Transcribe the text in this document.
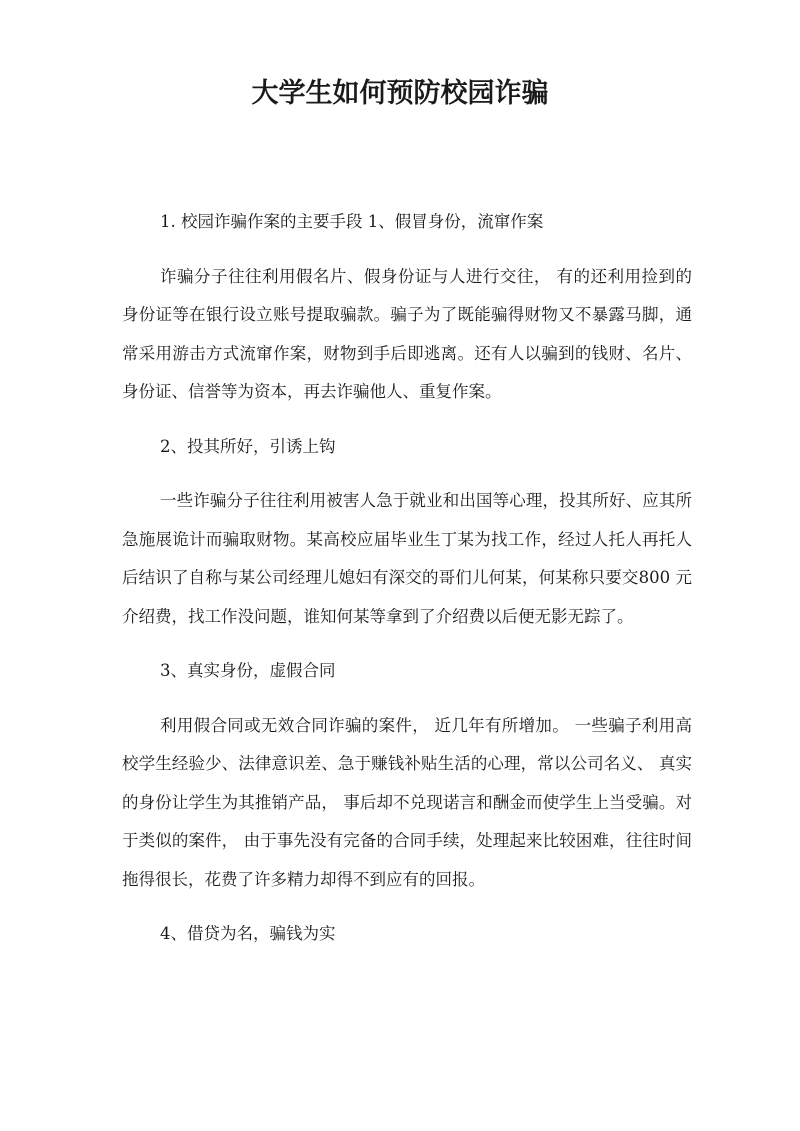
大学生如何预防校园诈骗

1. 校园诈骗作案的主要手段 1、假冒身份，流窜作案

诈骗分子往往利用假名片、假身份证与人进行交往， 有的还利用捡到的身份证等在银行设立账号提取骗款。骗子为了既能骗得财物又不暴露马脚，通常采用游击方式流窜作案，财物到手后即逃离。还有人以骗到的钱财、名片、身份证、信誉等为资本，再去诈骗他人、重复作案。

2、投其所好，引诱上钩

一些诈骗分子往往利用被害人急于就业和出国等心理，投其所好、应其所急施展诡计而骗取财物。某高校应届毕业生丁某为找工作，经过人托人再托人后结识了自称与某公司经理儿媳妇有深交的哥们儿何某，何某称只要交800 元介绍费，找工作没问题，谁知何某等拿到了介绍费以后便无影无踪了。

3、真实身份，虚假合同

利用假合同或无效合同诈骗的案件， 近几年有所增加。 一些骗子利用高校学生经验少、法律意识差、急于赚钱补贴生活的心理，常以公司名义、 真实的身份让学生为其推销产品， 事后却不兑现诺言和酬金而使学生上当受骗。对于类似的案件， 由于事先没有完备的合同手续，处理起来比较困难，往往时间拖得很长，花费了许多精力却得不到应有的回报。

4、借贷为名，骗钱为实
